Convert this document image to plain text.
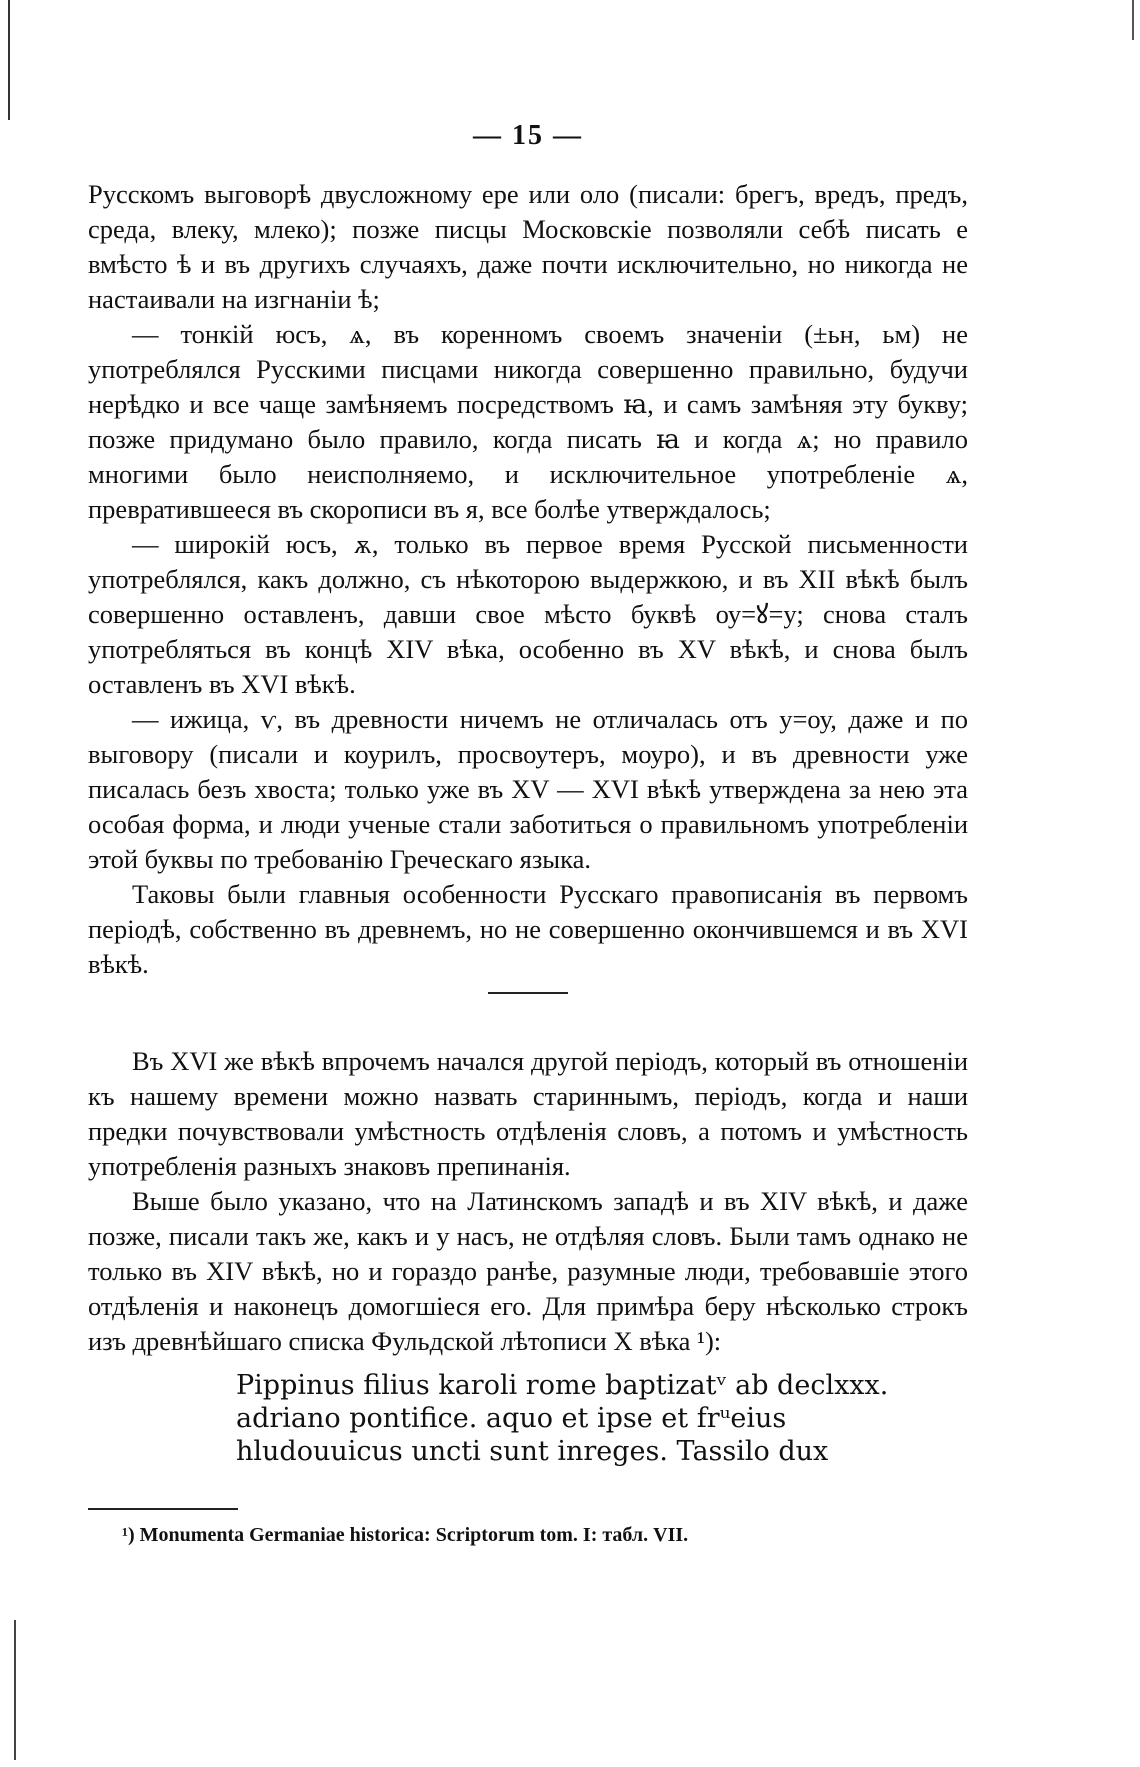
— 15 —

Русскомъ выговорѣ двусложному ере или оло (писали: брегъ, вредъ, предъ, среда, влеку, млеко); позже писцы Московскіе позволяли себѣ писать е вмѣсто ѣ и въ другихъ случаяхъ, даже почти исключительно, но никогда не настаивали на изгнаніи ѣ;

— тонкій юсъ, ѧ, въ коренномъ своемъ значеніи (±ьн, ьм) не употреблялся Русскими писцами никогда совершенно правильно, будучи нерѣдко и все чаще замѣняемъ посредствомъ ꙗ, и самъ замѣняя эту букву; позже придумано было правило, когда писать ꙗ и когда ѧ; но правило многими было неисполняемо, и исключительное употребленіе ѧ, превратившееся въ скорописи въ я, все болѣе утверждалось;

— широкій юсъ, ѫ, только въ первое время Русской письменности употреблялся, какъ должно, съ нѣкоторою выдержкою, и въ XII вѣкѣ былъ совершенно оставленъ, давши свое мѣсто буквѣ оу=ꙋ=у; снова сталъ употребляться въ концѣ XIV вѣка, особенно въ XV вѣкѣ, и снова былъ оставленъ въ XVI вѣкѣ.

— ижица, ѵ, въ древности ничемъ не отличалась отъ у=оу, даже и по выговору (писали и коурилъ, просвоутеръ, моуро), и въ древности уже писалась безъ хвоста; только уже въ XV — XVI вѣкѣ утверждена за нею эта особая форма, и люди ученые стали заботиться о правильномъ употребленіи этой буквы по требованію Греческаго языка.

Таковы были главныя особенности Русскаго правописанія въ первомъ періодѣ, собственно въ древнемъ, но не совершенно окончившемся и въ XVI вѣкѣ.

Въ XVI же вѣкѣ впрочемъ начался другой періодъ, который въ отношеніи къ нашему времени можно назвать стариннымъ, періодъ, когда и наши предки почувствовали умѣстность отдѣленія словъ, а потомъ и умѣстность употребленія разныхъ знаковъ препинанія.

Выше было указано, что на Латинскомъ западѣ и въ XIV вѣкѣ, и даже позже, писали такъ же, какъ и у насъ, не отдѣляя словъ. Были тамъ однако не только въ XIV вѣкѣ, но и гораздо ранѣе, разумные люди, требовавшіе этого отдѣленія и наконецъ домогшіеся его. Для примѣра беру нѣсколько строкъ изъ древнѣйшаго списка Фульдской лѣтописи X вѣка ¹):

Pippinus filius karoli rome baptizatᵛ ab declxxx.
adriano pontifice. aquo et ipse et frᵘeius
hludouuicus uncti sunt inreges. Tassilo dux
¹) Monumenta Germaniae historica: Scriptorum tom. I: табл. VII.
